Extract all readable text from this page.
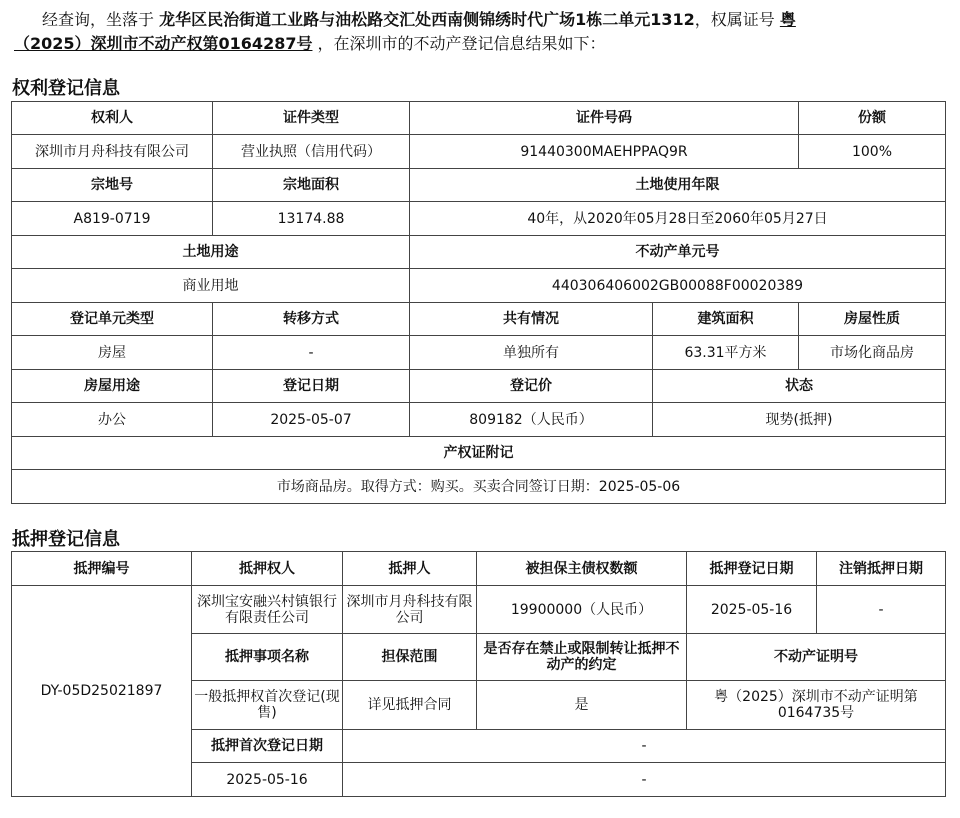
经查询，坐落于 龙华区民治街道工业路与油松路交汇处西南侧锦绣时代广场1栋二单元1312，权属证号 粤
（2025）深圳市不动产权第0164287号 ，在深圳市的不动产登记信息结果如下：
权利登记信息
权利人	证件类型	证件号码		份额
深圳市月舟科技有限公司	营业执照（信用代码）	91440300MAEHPPAQ9R		100%
宗地号	宗地面积	土地使用年限		
A819-0719	13174.88	40年，从2020年05月28日至2060年05月27日		
土地用途		不动产单元号		
商业用地		440306406002GB00088F00020389		
登记单元类型	转移方式	共有情况	建筑面积	房屋性质
房屋	-	单独所有	63.31平方米	市场化商品房
房屋用途	登记日期	登记价	状态	
办公	2025-05-07	809182（人民币）	现势(抵押)	
产权证附记				
市场商品房。取得方式：购买。买卖合同签订日期：2025-05-06				
抵押登记信息
抵押编号	抵押权人	抵押人	被担保主债权数额	抵押登记日期	注销抵押日期
DY-05D25021897	深圳宝安融兴村镇银行有限责任公司	深圳市月舟科技有限公司	19900000（人民币）	2025-05-16	-
	抵押事项名称	担保范围	是否存在禁止或限制转让抵押不动产的约定	不动产证明号	
	一般抵押权首次登记(现售)	详见抵押合同	是	粤（2025）深圳市不动产证明第0164735号	
	抵押首次登记日期	-			
	2025-05-16	-			
